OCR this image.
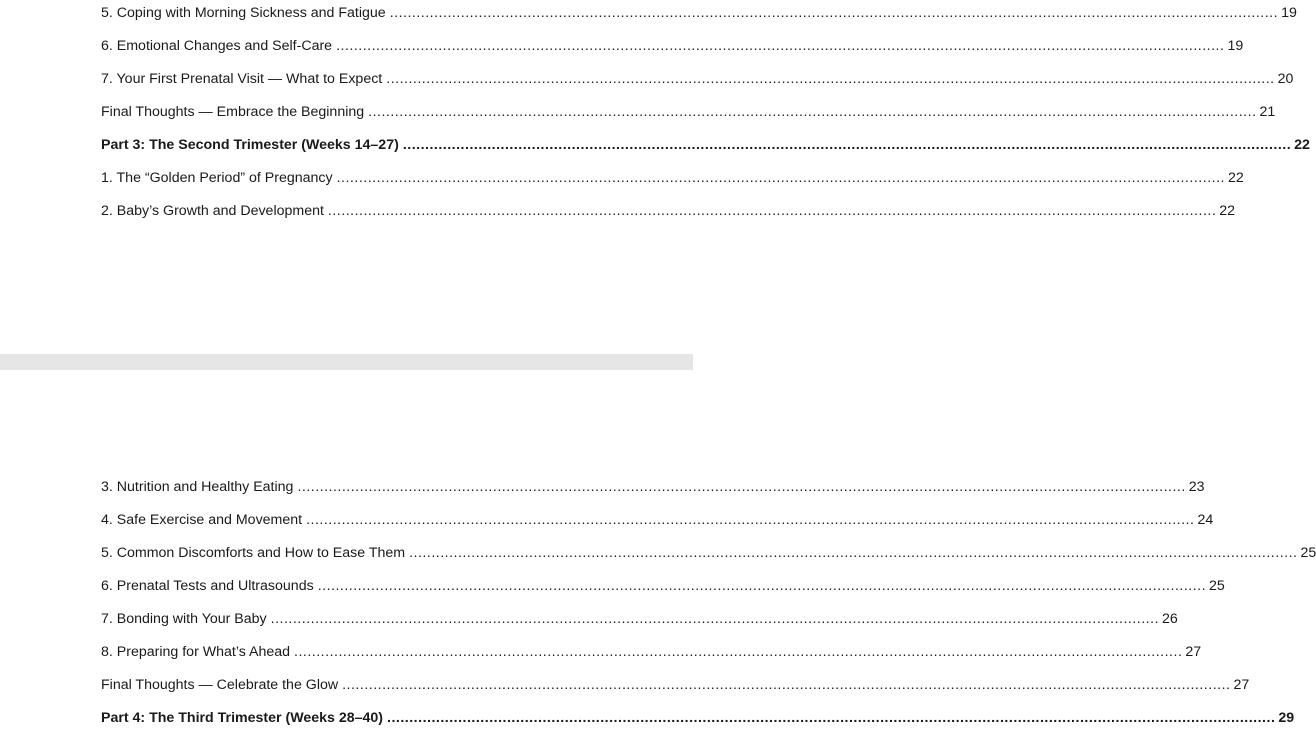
5. Coping with Morning Sickness and Fatigue ........................................................................................................................................................................................................ 19
6. Emotional Changes and Self-Care ........................................................................................................................................................................................................ 19
7. Your First Prenatal Visit — What to Expect ........................................................................................................................................................................................................ 20
Final Thoughts — Embrace the Beginning ........................................................................................................................................................................................................ 21
Part 3: The Second Trimester (Weeks 14–27) ........................................................................................................................................................................................................ 22
1. The “Golden Period” of Pregnancy ........................................................................................................................................................................................................ 22
2. Baby’s Growth and Development ........................................................................................................................................................................................................ 22
3. Nutrition and Healthy Eating ........................................................................................................................................................................................................ 23
4. Safe Exercise and Movement ........................................................................................................................................................................................................ 24
5. Common Discomforts and How to Ease Them ........................................................................................................................................................................................................ 25
6. Prenatal Tests and Ultrasounds ........................................................................................................................................................................................................ 25
7. Bonding with Your Baby ........................................................................................................................................................................................................ 26
8. Preparing for What’s Ahead ........................................................................................................................................................................................................ 27
Final Thoughts — Celebrate the Glow ........................................................................................................................................................................................................ 27
Part 4: The Third Trimester (Weeks 28–40) ........................................................................................................................................................................................................ 29
